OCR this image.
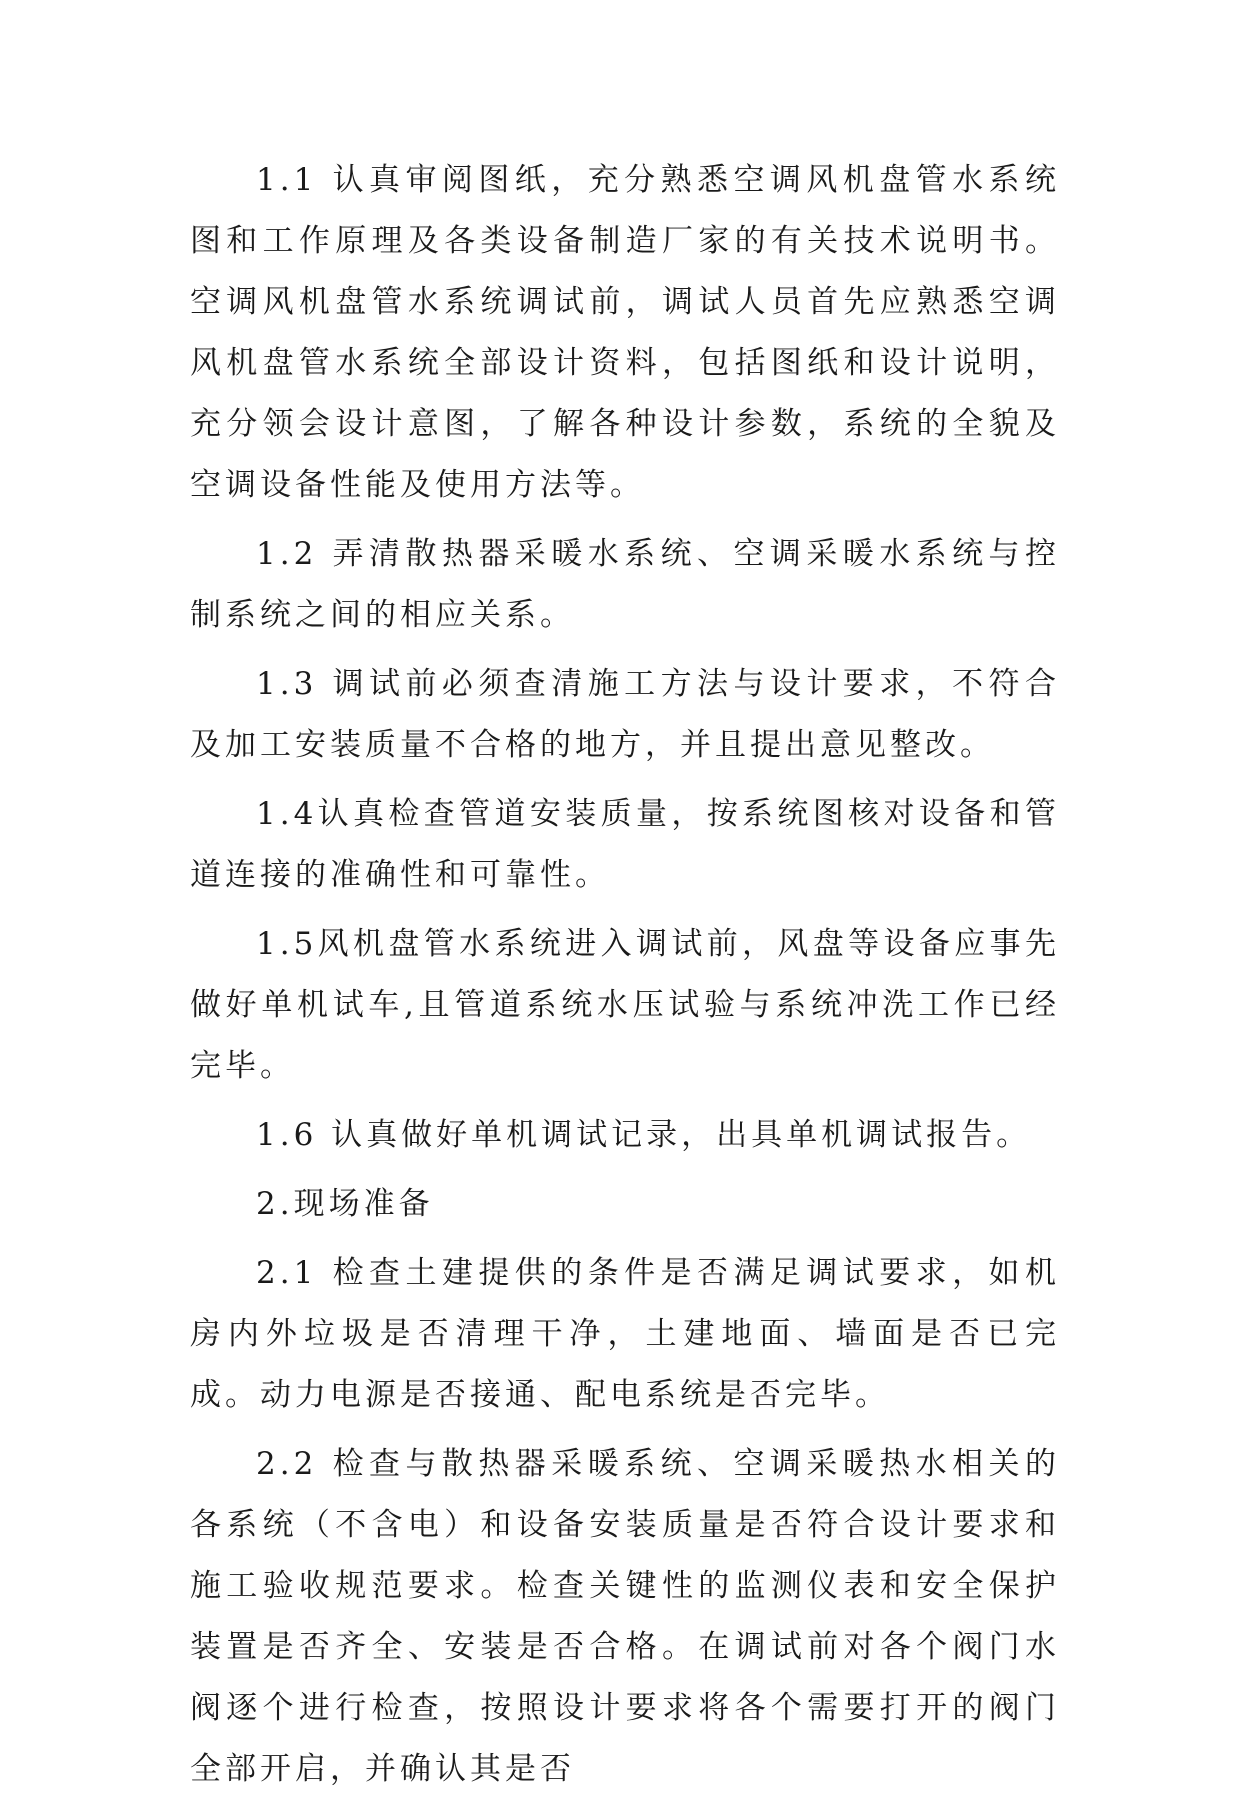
1.1 认真审阅图纸，充分熟悉空调风机盘管水系统图和工作原理及各类设备制造厂家的有关技术说明书。空调风机盘管水系统调试前，调试人员首先应熟悉空调风机盘管水系统全部设计资料，包括图纸和设计说明，充分领会设计意图，了解各种设计参数，系统的全貌及空调设备性能及使用方法等。

1.2 弄清散热器采暖水系统、空调采暖水系统与控制系统之间的相应关系。

1.3 调试前必须查清施工方法与设计要求，不符合及加工安装质量不合格的地方，并且提出意见整改。

1.4认真检查管道安装质量，按系统图核对设备和管道连接的准确性和可靠性。

1.5风机盘管水系统进入调试前，风盘等设备应事先做好单机试车,且管道系统水压试验与系统冲洗工作已经完毕。

1.6 认真做好单机调试记录，出具单机调试报告。

2.现场准备

2.1 检查土建提供的条件是否满足调试要求，如机房内外垃圾是否清理干净，土建地面、墙面是否已完成。动力电源是否接通、配电系统是否完毕。

2.2 检查与散热器采暖系统、空调采暖热水相关的各系统（不含电）和设备安装质量是否符合设计要求和施工验收规范要求。检查关键性的监测仪表和安全保护装置是否齐全、安装是否合格。在调试前对各个阀门水阀逐个进行检查，按照设计要求将各个需要打开的阀门全部开启，并确认其是否
